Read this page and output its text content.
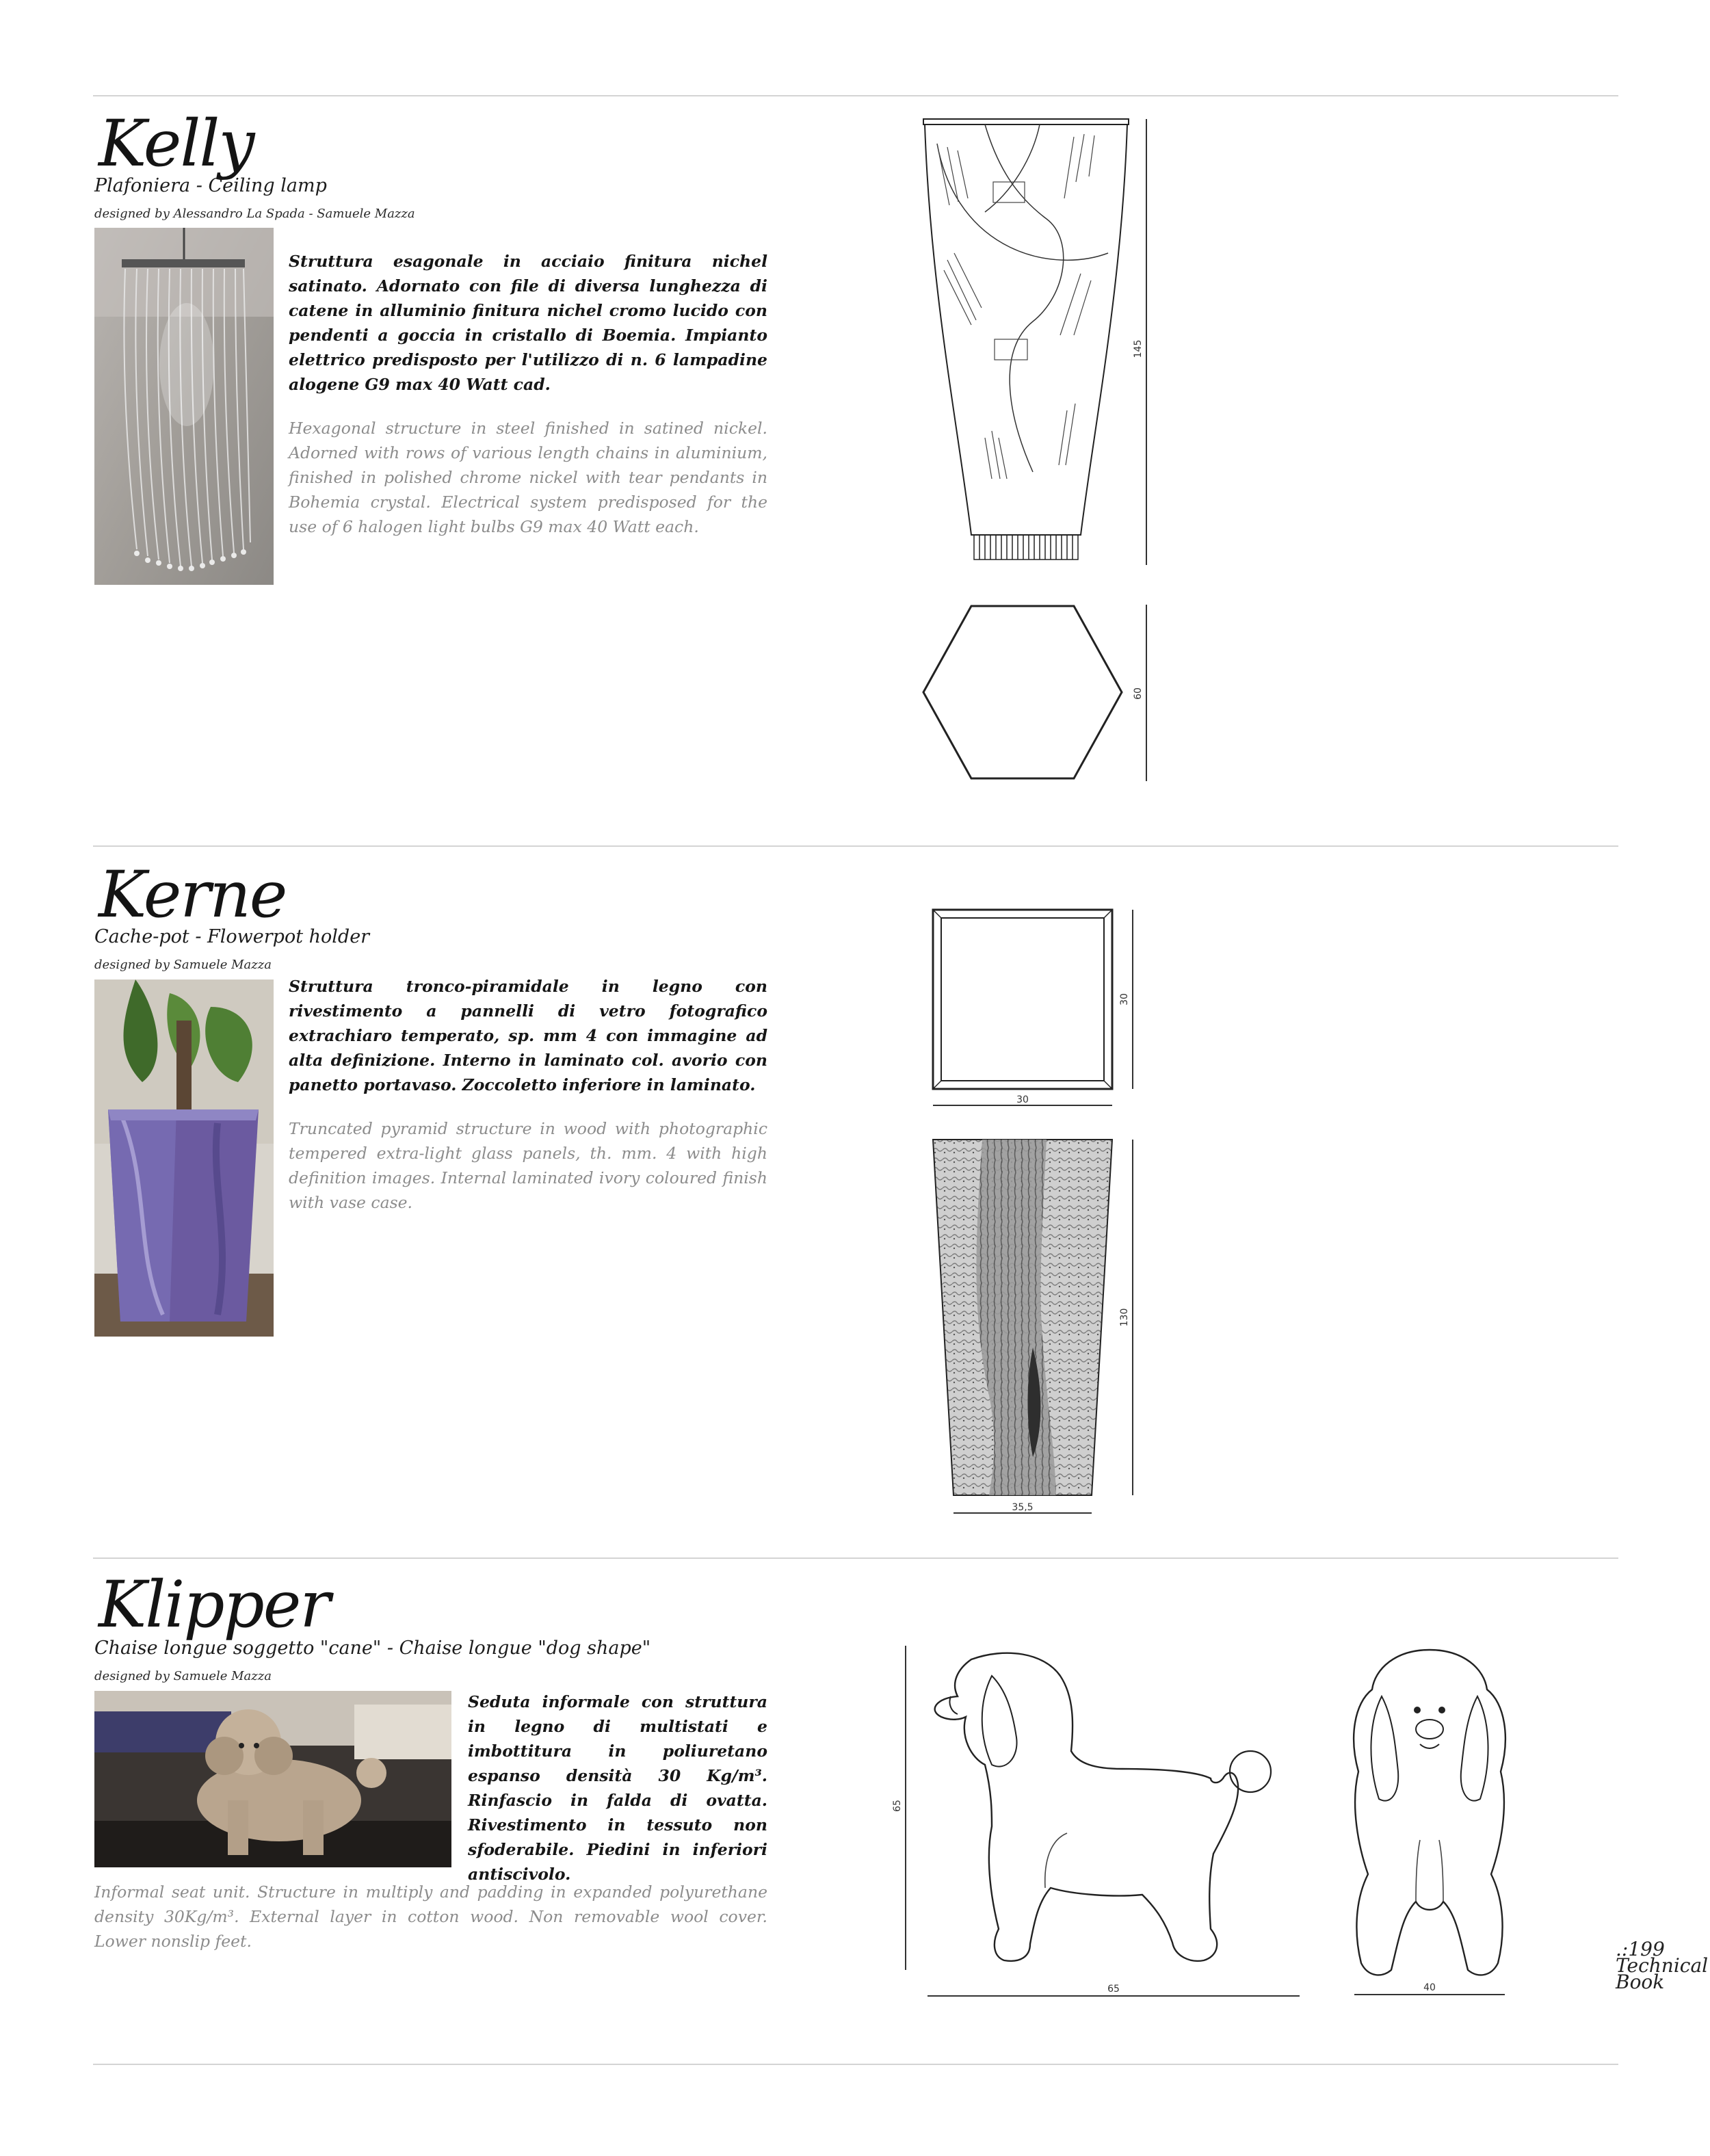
Kelly
Plafoniera - Ceiling lamp
designed by Alessandro La Spada - Samuele Mazza

Struttura esagonale in acciaio finitura nichel satinato. Adornato con file di diversa lunghezza di catene in alluminio finitura nichel cromo lucido con pendenti a goccia in cristallo di Boemia. Impianto elettrico predisposto per l'utilizzo di n. 6 lampadine alogene G9 max 40 Watt cad.

Hexagonal structure in steel finished in satined nickel. Adorned with rows of various length chains in aluminium, finished in polished chrome nickel with tear pendants in Bohemia crystal. Electrical system predisposed for the use of 6 halogen light bulbs G9 max 40 Watt each.

145
60
Kerne
Cache-pot - Flowerpot holder
designed by Samuele Mazza

Struttura tronco-piramidale in legno con rivestimento a pannelli di vetro fotografico extrachiaro temperato, sp. mm 4 con immagine ad alta definizione. Interno in laminato col. avorio con panetto portavaso. Zoccoletto inferiore in laminato.

Truncated pyramid structure in wood with photographic tempered extra-light glass panels, th. mm. 4 with high definition images. Internal laminated ivory coloured finish with vase case.

30
30
130
35,5
Klipper
Chaise longue soggetto "cane" - Chaise longue "dog shape"
designed by Samuele Mazza

Seduta informale con struttura in legno di multistati e imbottitura in poliuretano espanso densità 30 Kg/m³. Rinfascio in falda di ovatta. Rivestimento in tessuto non sfoderabile. Piedini in inferiori antiscivolo.

Informal seat unit. Structure in multiply and padding in expanded polyurethane density 30Kg/m³. External layer in cotton wood. Non removable wool cover. Lower nonslip feet.

65
65	40
.:199
Technical
Book
